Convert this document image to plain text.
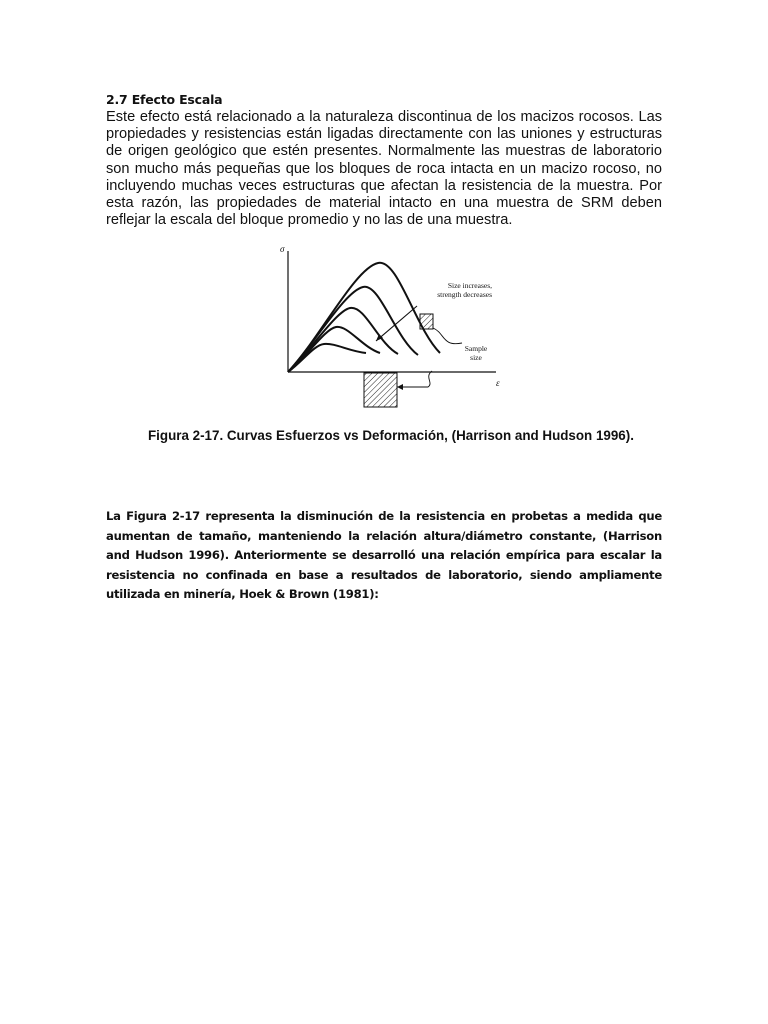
2.7 Efecto Escala

Este efecto está relacionado a la naturaleza discontinua de los macizos rocosos. Las propiedades y resistencias están ligadas directamente con las uniones y estructuras de origen geológico que estén presentes. Normalmente las muestras de laboratorio son mucho más pequeñas que los bloques de roca intacta en un macizo rocoso, no incluyendo muchas veces estructuras que afectan la resistencia de la muestra. Por esta razón, las propiedades de material intacto en una muestra de SRM deben reflejar la escala del bloque promedio y no las de una muestra.

σ
ε
Size increases,
strength decreases
Sample
size

Figura 2-17. Curvas Esfuerzos vs Deformación, (Harrison and Hudson 1996).

La Figura 2-17 representa la disminución de la resistencia en probetas a medida que aumentan de tamaño, manteniendo la relación altura/diámetro constante, (Harrison and Hudson 1996). Anteriormente se desarrolló una relación empírica para escalar la resistencia no confinada en base a resultados de laboratorio, siendo ampliamente utilizada en minería, Hoek & Brown (1981):
